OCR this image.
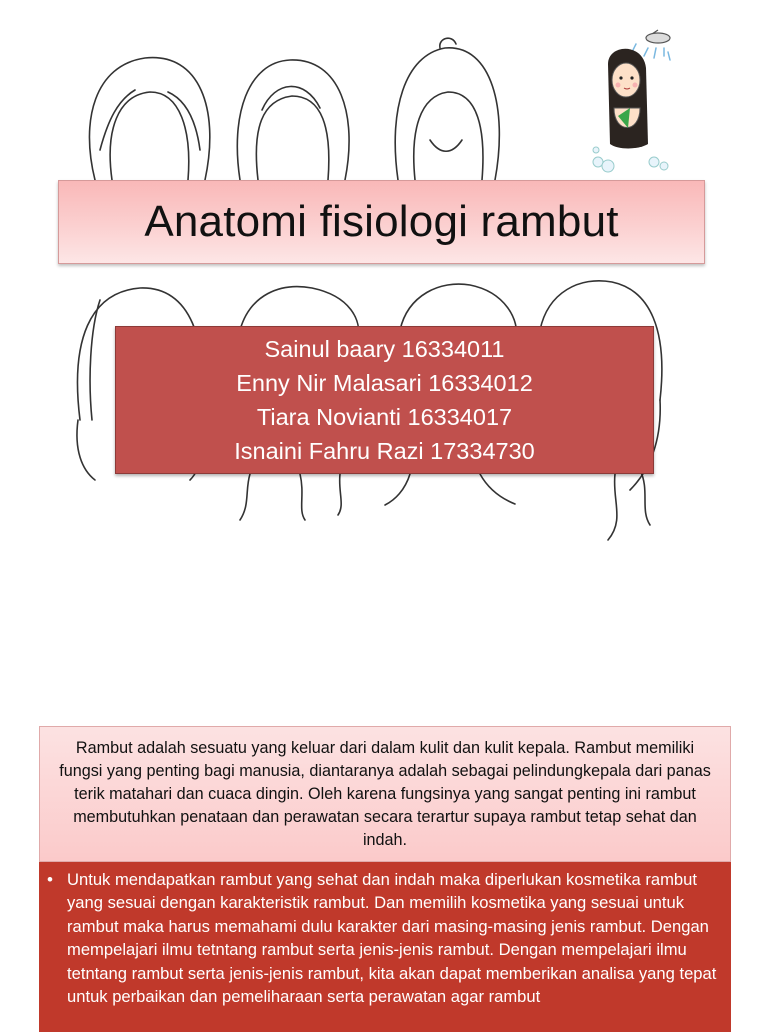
Anatomi fisiologi rambut
Sainul baary 16334011
Enny Nir Malasari 16334012
Tiara Novianti 16334017
Isnaini Fahru Razi 17334730
Rambut adalah sesuatu yang keluar dari dalam kulit dan kulit kepala. Rambut memiliki fungsi yang penting bagi manusia, diantaranya adalah sebagai pelindungkepala dari panas terik matahari dan cuaca dingin. Oleh karena fungsinya yang sangat penting ini rambut membutuhkan penataan dan perawatan secara terartur supaya rambut tetap sehat dan indah.
• Untuk mendapatkan rambut yang sehat dan indah maka diperlukan kosmetika rambut yang sesuai dengan karakteristik rambut. Dan memilih kosmetika yang sesuai untuk rambut maka harus memahami dulu karakter dari masing-masing jenis rambut. Dengan mempelajari ilmu tetntang rambut serta jenis-jenis rambut. Dengan mempelajari ilmu tetntang rambut serta jenis-jenis rambut, kita akan dapat memberikan analisa yang tepat untuk perbaikan dan pemeliharaan serta perawatan agar rambut
